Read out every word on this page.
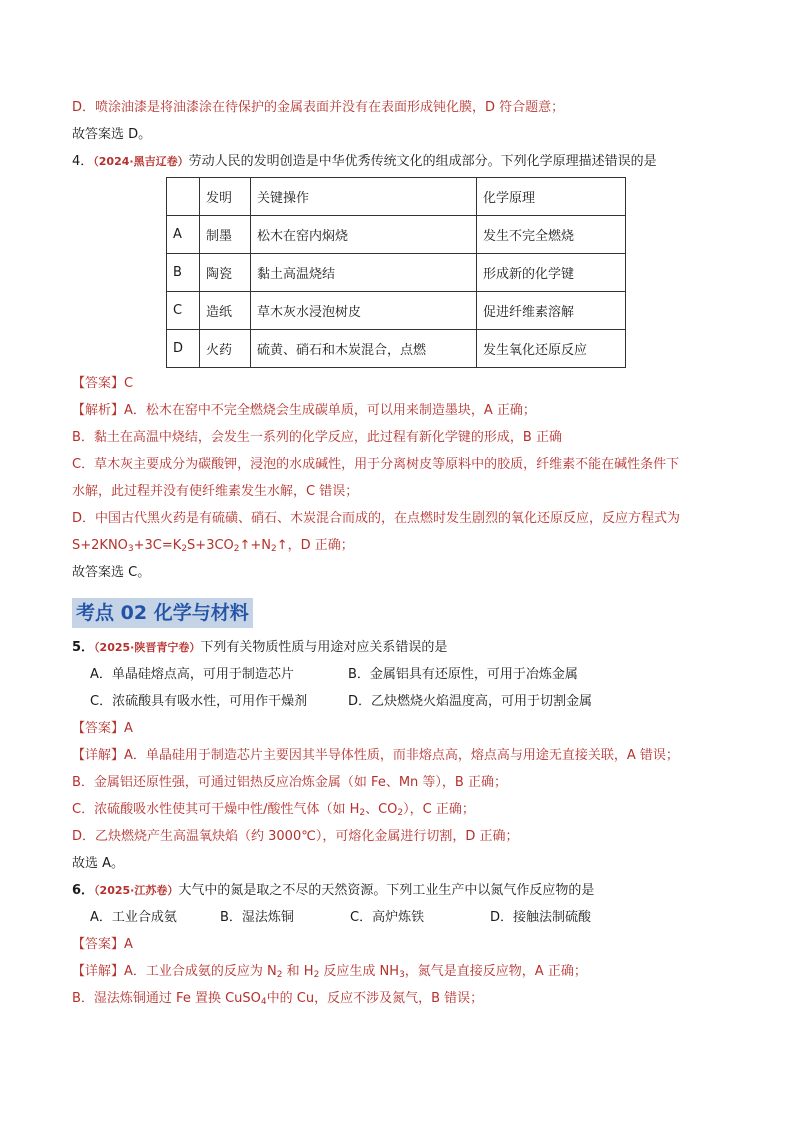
D．喷涂油漆是将油漆涂在待保护的金属表面并没有在表面形成钝化膜，D 符合题意；
故答案选 D。
4．（2024·黑吉辽卷）劳动人民的发明创造是中华优秀传统文化的组成部分。下列化学原理描述错误的是
	发明	关键操作	化学原理
A	制墨	松木在窑内焖烧	发生不完全燃烧
B	陶瓷	黏土高温烧结	形成新的化学键
C	造纸	草木灰水浸泡树皮	促进纤维素溶解
D	火药	硫黄、硝石和木炭混合，点燃	发生氧化还原反应
【答案】C
【解析】A．松木在窑中不完全燃烧会生成碳单质，可以用来制造墨块，A 正确；
B．黏土在高温中烧结，会发生一系列的化学反应，此过程有新化学键的形成，B 正确
C．草木灰主要成分为碳酸钾，浸泡的水成碱性，用于分离树皮等原料中的胶质，纤维素不能在碱性条件下
水解，此过程并没有使纤维素发生水解，C 错误；
D．中国古代黑火药是有硫磺、硝石、木炭混合而成的，在点燃时发生剧烈的氧化还原反应，反应方程式为
$S+2KNO_3+3C=K_2S+3CO_2↑+N_2↑$，D 正确；
故答案选 C。
考点 02 化学与材料
5．（2025·陕晋青宁卷）下列有关物质性质与用途对应关系错误的是
A．单晶硅熔点高，可用于制造芯片	B．金属铝具有还原性，可用于冶炼金属
C．浓硫酸具有吸水性，可用作干燥剂	D．乙炔燃烧火焰温度高，可用于切割金属
【答案】A
【详解】A．单晶硅用于制造芯片主要因其半导体性质，而非熔点高，熔点高与用途无直接关联，A 错误；
B．金属铝还原性强，可通过铝热反应冶炼金属（如 Fe、Mn 等），B 正确；
C．浓硫酸吸水性使其可干燥中性/酸性气体（如 $H_2$、$CO_2$），C 正确；
D．乙炔燃烧产生高温氧炔焰（约 3000℃），可熔化金属进行切割，D 正确；
故选 A。
6．（2025·江苏卷）大气中的氮是取之不尽的天然资源。下列工业生产中以氮气作反应物的是
A．工业合成氨	B．湿法炼铜	C．高炉炼铁	D．接触法制硫酸
【答案】A
【详解】A．工业合成氨的反应为 $N_2$ 和 $H_2$ 反应生成 $NH_3$，氮气是直接反应物，A 正确；
B．湿法炼铜通过 Fe 置换 CuSO$_4$中的 Cu，反应不涉及氮气，B 错误；
